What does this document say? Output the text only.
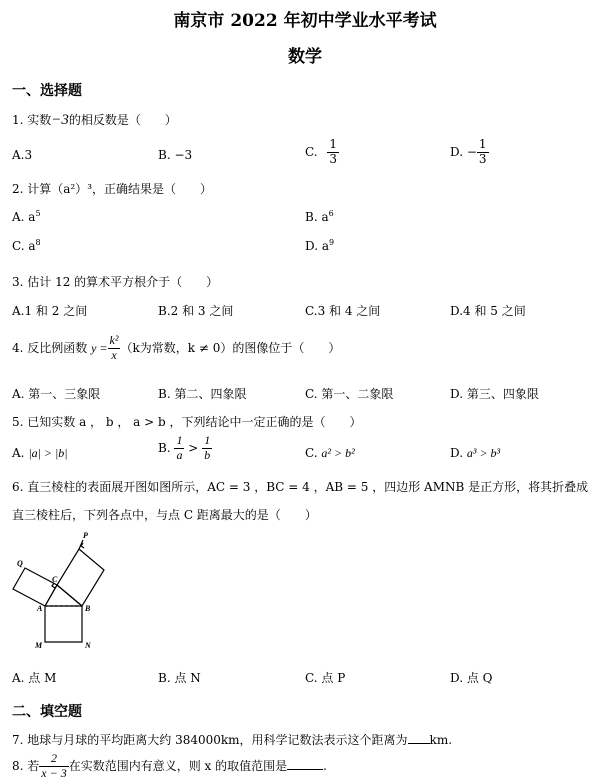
南京市 2022 年初中学业水平考试
数学
一、选择题
1. 实数−3的相反数是（　　）
A.3	B. −3	C. $\frac{1}{3}$	D. − $\frac{1}{3}$
2. 计算（a²）³，正确结果是（　　）
A. $a^5$	B. $a^6$
C. $a^8$	D. $a^9$
3. 估计 12 的算术平方根介于（　　）
A.1 和 2 之间	B.2 和 3 之间	C.3 和 4 之间	D.4 和 5 之间
4. 反比例函数 $y = \frac{\text{k²}}{x} (k$为常数，k ≠ 0）的图像位于（　　）
A. 第一、三象限	B. 第二、四象限	C. 第一、二象限	D. 第三、四象限
5. 已知实数 a ， b ， a > b ，下列结论中一定正确的是（　　）
A. |a| > |b|	B. $\frac{1}{a} > \frac{1}{b}$	C. a² > b²	D. a³ > b³
6. 直三棱柱的表面展开图如图所示，AC = 3 ，BC = 4 ，AB = 5 ，四边形 AMNB 是正方形，将其折叠成
直三棱柱后，下列各点中，与点 C 距离最大的是（　　）
P
Q
C
A	B
M	N
A. 点 M	B. 点 N	C. 点 P	D. 点 Q
二、填空题
7. 地球与月球的平均距离大约 384000km，用科学记数法表示这个距离为 km.
8. 若 $\frac{2}{x - 3}$ 在实数范围内有意义，则 x 的取值范围是	.
